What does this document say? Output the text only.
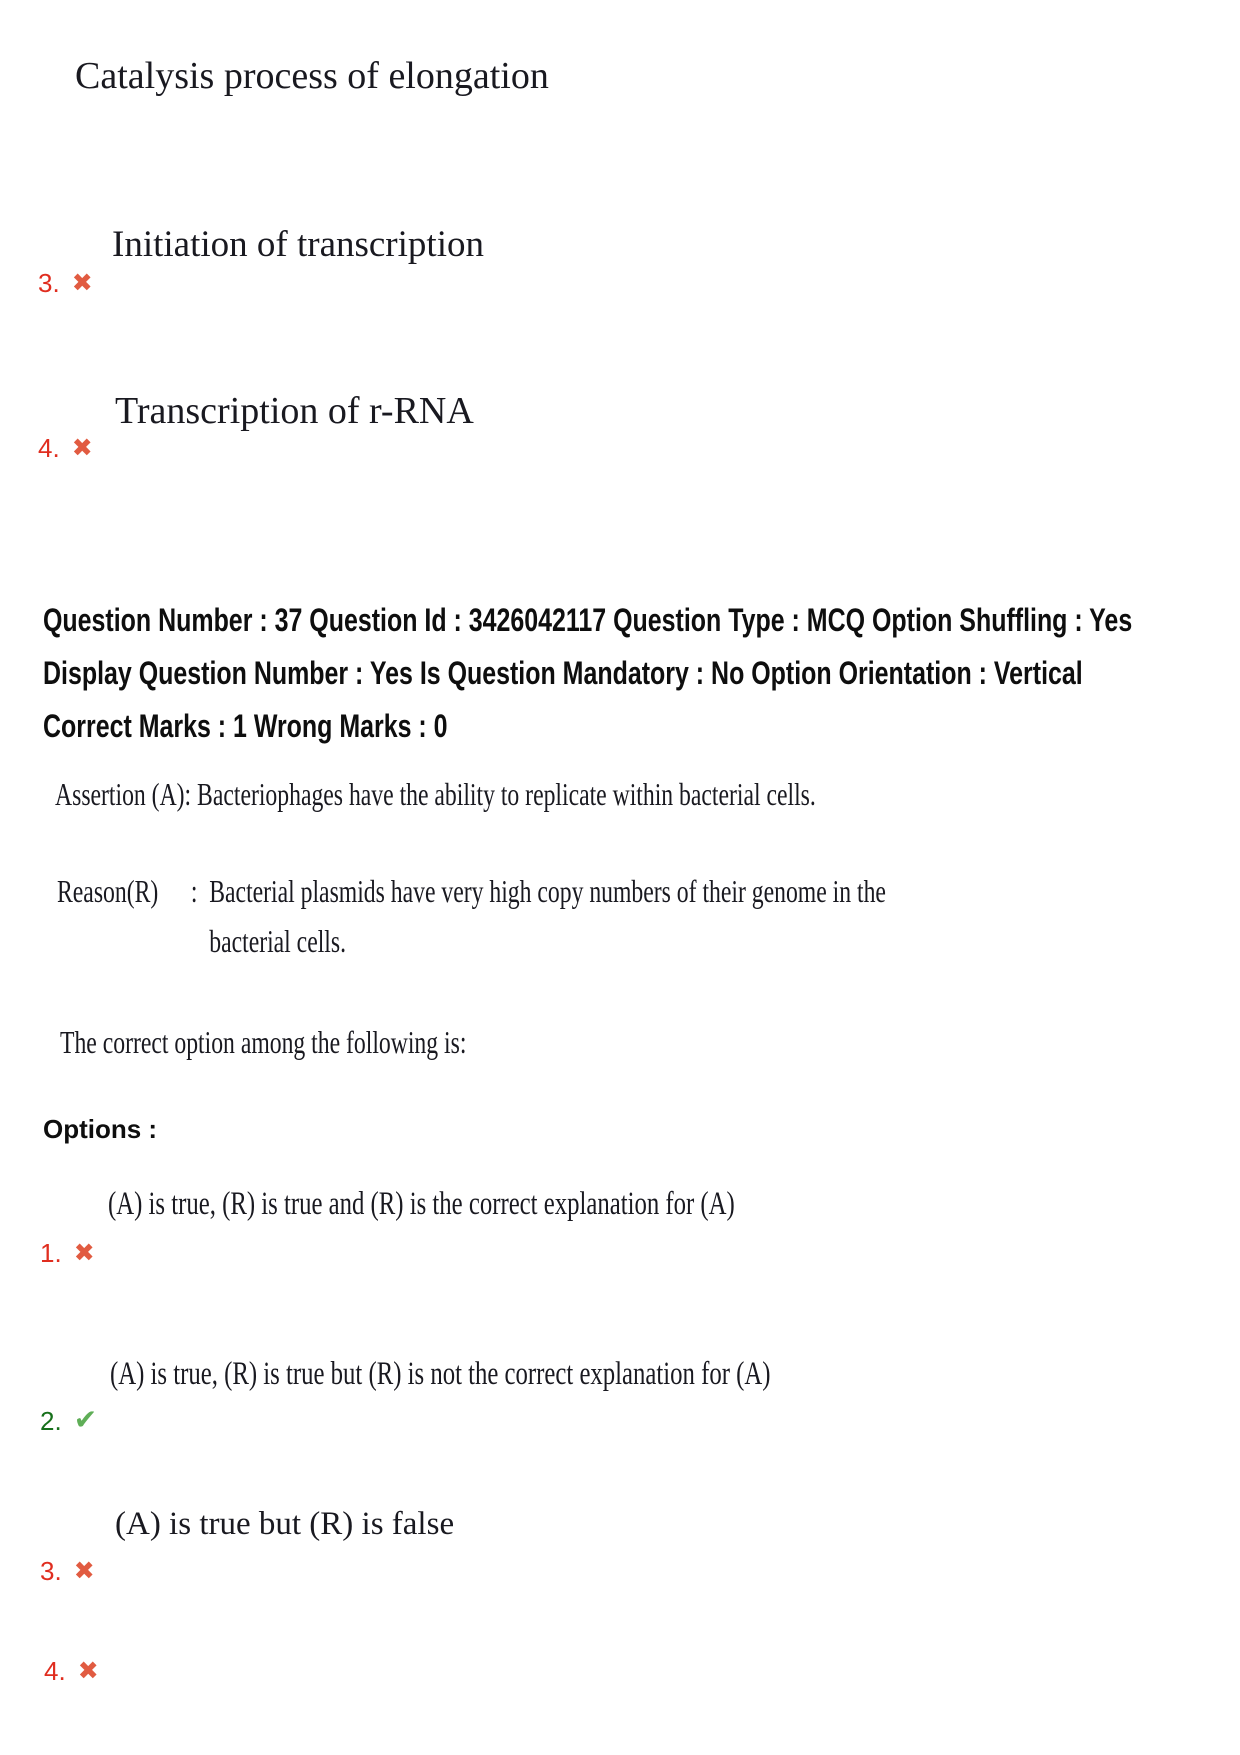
Catalysis process of elongation
Initiation of transcription
3. ✖
Transcription of r-RNA
4. ✖
Question Number : 37 Question Id : 3426042117 Question Type : MCQ Option Shuffling : Yes
Display Question Number : Yes Is Question Mandatory : No Option Orientation : Vertical
Correct Marks : 1 Wrong Marks : 0
Assertion (A): Bacteriophages have the ability to replicate within bacterial cells.
Reason(R)	: Bacterial plasmids have very high copy numbers of their genome in the
bacterial cells.
The correct option among the following is:
Options :
(A) is true, (R) is true and (R) is the correct explanation for (A)
1. ✖
(A) is true, (R) is true but (R) is not the correct explanation for (A)
2. ✔
(A) is true but (R) is false
3. ✖
4. ✖
